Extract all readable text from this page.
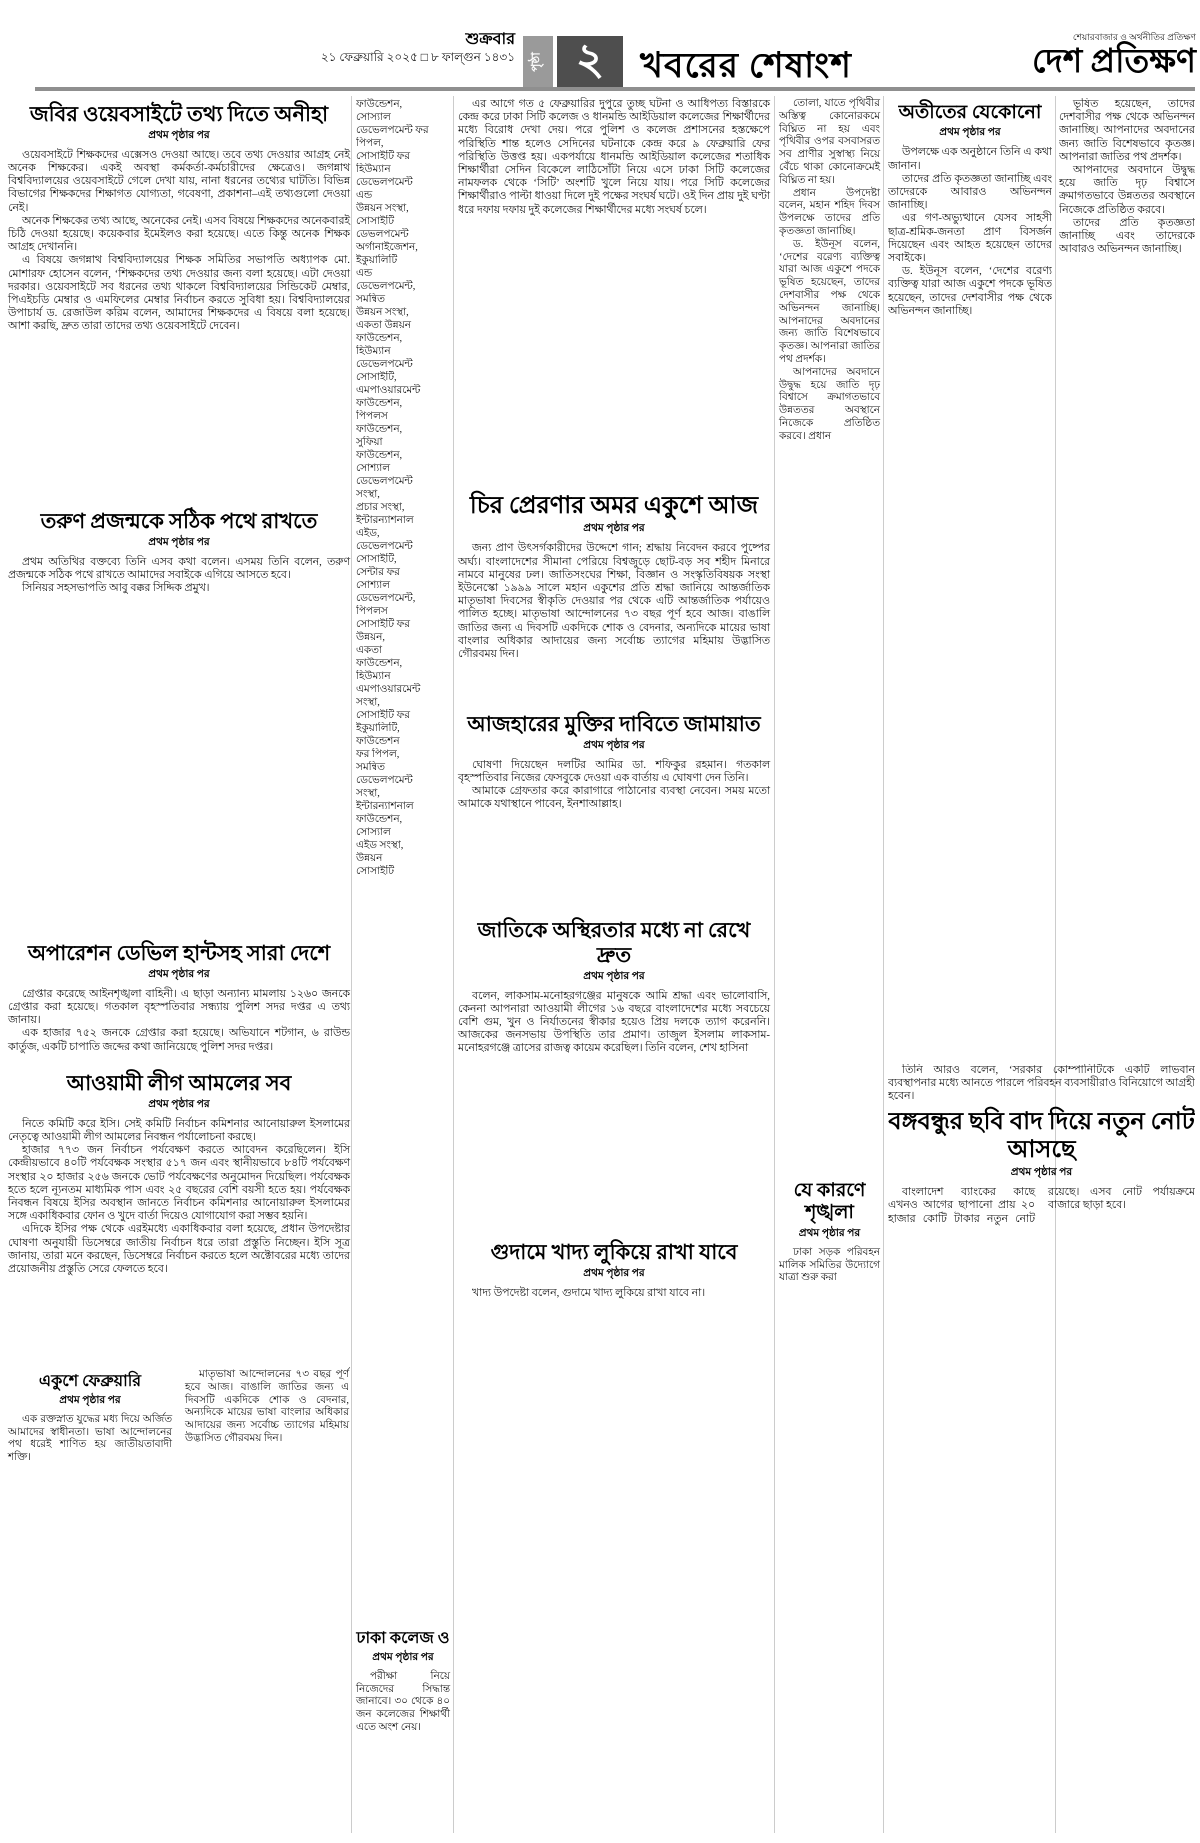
শুক্রবার
২১ ফেব্রুয়ারি ২০২৫ □ ৮ ফাল্গুন ১৪৩১ পৃষ্ঠা ২	খবরের শেষাংশ
শেয়ারবাজার ও অর্থনীতির প্রতিক্ষণ
দেশ প্রতিক্ষণ
জবির ওয়েবসাইটে তথ্য দিতে অনীহা
প্রথম পৃষ্ঠার পর
ওয়েবসাইটে শিক্ষকদের এক্সেসও দেওয়া আছে। তবে তথ্য দেওয়ার আগ্রহ নেই অনেক শিক্ষকের। একই অবস্থা কর্মকর্তা-কর্মচারীদের ক্ষেত্রেও। জগন্নাথ বিশ্ববিদ্যালয়ের ওয়েবসাইটে গেলে দেখা যায়, নানা ধরনের তথ্যের ঘাটতি। বিভিন্ন বিভাগের শিক্ষকদের শিক্ষাগত যোগ্যতা, গবেষণা, প্রকাশনা–এই তথ্যগুলো দেওয়া নেই।
অনেক শিক্ষকের তথ্য আছে, অনেকের নেই। এসব বিষয়ে শিক্ষকদের অনেকবারই চিঠি দেওয়া হয়েছে। কয়েকবার ইমেইলও করা হয়েছে। এতে কিন্তু অনেক শিক্ষক আগ্রহ দেখাননি।
এ বিষয়ে জগন্নাথ বিশ্ববিদ্যালয়ের শিক্ষক সমিতির সভাপতি অধ্যাপক মো. মোশারফ হোসেন বলেন, ‘শিক্ষকদের তথ্য দেওয়ার জন্য বলা হয়েছে। এটা দেওয়া দরকার। ওয়েবসাইটে সব ধরনের তথ্য থাকলে বিশ্ববিদ্যালয়ের সিন্ডিকেট মেম্বার, পিএইচডি মেম্বার ও এমফিলের মেম্বার নির্বাচন করতে সুবিধা হয়। বিশ্ববিদ্যালয়ের উপাচার্য ড. রেজাউল করিম বলেন, আমাদের শিক্ষকদের এ বিষয়ে বলা হয়েছে। আশা করছি, দ্রুত তারা তাদের তথ্য ওয়েবসাইটে দেবেন।
তরুণ প্রজন্মকে সঠিক পথে রাখতে
প্রথম পৃষ্ঠার পর
প্রথম অতিথির বক্তব্যে তিনি এসব কথা বলেন। এসময় তিনি বলেন, তরুণ প্রজন্মকে সঠিক পথে রাখতে আমাদের সবাইকে এগিয়ে আসতে হবে।
সিনিয়র সহসভাপতি আবু বক্কর সিদ্দিক প্রমুখ।
অপারেশন ডেভিল হান্টসহ সারা দেশে
প্রথম পৃষ্ঠার পর
গ্রেপ্তার করেছে আইনশৃঙ্খলা বাহিনী। এ ছাড়া অন্যান্য মামলায় ১২৬০ জনকে গ্রেপ্তার করা হয়েছে। গতকাল বৃহস্পতিবার সন্ধ্যায় পুলিশ সদর দপ্তর এ তথ্য জানায়।
এক হাজার ৭৫২ জনকে গ্রেপ্তার করা হয়েছে। অভিযানে শটগান, ৬ রাউন্ড কার্তুজ, একটি চাপাতি জব্দের কথা জানিয়েছে পুলিশ সদর দপ্তর।
আওয়ামী লীগ আমলের সব
প্রথম পৃষ্ঠার পর
নিতে কমিটি করে ইসি। সেই কমিটি নির্বাচন কমিশনার আনোয়ারুল ইসলামের নেতৃত্বে আওয়ামী লীগ আমলের নিবন্ধন পর্যালোচনা করছে।
হাজার ৭৭৩ জন নির্বাচন পর্যবেক্ষণ করতে আবেদন করেছিলেন। ইসি কেন্দ্রীয়ভাবে ৪০টি পর্যবেক্ষক সংস্থার ৫১৭ জন এবং স্থানীয়ভাবে ৮৪টি পর্যবেক্ষণ সংস্থার ২০ হাজার ২৫৬ জনকে ভোট পর্যবেক্ষণের অনুমোদন দিয়েছিল। পর্যবেক্ষক হতে হলে ন্যূনতম মাধ্যমিক পাস এবং ২৫ বছরের বেশি বয়সী হতে হয়। পর্যবেক্ষক নিবন্ধন বিষয়ে ইসির অবস্থান জানতে নির্বাচন কমিশনার আনোয়ারুল ইসলামের সঙ্গে একাধিকবার ফোন ও খুদে বার্তা দিয়েও যোগাযোগ করা সম্ভব হয়নি।
এদিকে ইসির পক্ষ থেকে এরইমধ্যে একাধিকবার বলা হয়েছে, প্রধান উপদেষ্টার ঘোষণা অনুযায়ী ডিসেম্বরে জাতীয় নির্বাচন ধরে তারা প্রস্তুতি নিচ্ছেন। ইসি সূত্র জানায়, তারা মনে করছেন, ডিসেম্বরে নির্বাচন করতে হলে অক্টোবরের মধ্যে তাদের প্রয়োজনীয় প্রস্তুতি সেরে ফেলতে হবে।
একুশে ফেব্রুয়ারি
প্রথম পৃষ্ঠার পর
এক রক্তস্নাত যুদ্ধের মধ্য দিয়ে অর্জিত আমাদের স্বাধীনতা। ভাষা আন্দোলনের পথ ধরেই শাণিত হয় জাতীয়তাবাদী শক্তি।
মাতৃভাষা আন্দোলনের ৭৩ বছর পূর্ণ হবে আজ। বাঙালি জাতির জন্য এ দিবসটি একদিকে শোক ও বেদনার, অন্যদিকে মায়ের ভাষা বাংলার অধিকার আদায়ের জন্য সর্বোচ্চ ত্যাগের মহিমায় উদ্ভাসিত গৌরবময় দিন।
ফাউন্ডেশন,
সোস্যাল
ডেভেলপমেন্ট ফর
পিপল,
সোসাইটি ফর
হিউম্যান
ডেভেলপমেন্ট
এন্ড
উন্নয়ন সংস্থা,
সোসাইটি
ডেভলপমেন্ট
অর্গানাইজেশন,
ইকুয়ালিটি
এন্ড
ডেভেলপমেন্ট,
সমন্বিত
উন্নয়ন সংস্থা,
একতা উন্নয়ন
ফাউন্ডেশন,
হিউম্যান
ডেভেলপমেন্ট
সোসাইটি,
এমপাওয়ারমেন্ট
ফাউন্ডেশন,
পিপলস
ফাউন্ডেশন,
সুফিয়া
ফাউন্ডেশন,
সোশ্যাল
ডেভেলপমেন্ট
সংস্থা,
প্রচার সংস্থা,
ইন্টারন্যাশনাল
এইড,
ডেভেলপমেন্ট
সোসাইটি,
সেন্টার ফর
সোশ্যাল
ডেভেলপমেন্ট,
পিপলস
সোসাইটি ফর
উন্নয়ন,
একতা
ফাউন্ডেশন,
হিউম্যান
এমপাওয়ারমেন্ট
সংস্থা,
সোসাইটি ফর
ইকুয়ালিটি,
ফাউন্ডেশন
ফর পিপল,
সমন্বিত
ডেভেলপমেন্ট
সংস্থা,
ইন্টারন্যাশনাল
ফাউন্ডেশন,
সোস্যাল
এইড সংস্থা,
উন্নয়ন
সোসাইটি
ঢাকা কলেজ ও
প্রথম পৃষ্ঠার পর
পরীক্ষা নিয়ে নিজেদের সিদ্ধান্ত জানাবে। ৩০ থেকে ৪০ জন কলেজের শিক্ষার্থী এতে অংশ নেয়।
এর আগে গত ৫ ফেব্রুয়ারির দুপুরে তুচ্ছ ঘটনা ও আধিপত্য বিস্তারকে কেন্দ্র করে ঢাকা সিটি কলেজ ও ধানমন্ডি আইডিয়াল কলেজের শিক্ষার্থীদের মধ্যে বিরোধ দেখা দেয়। পরে পুলিশ ও কলেজ প্রশাসনের হস্তক্ষেপে পরিস্থিতি শান্ত হলেও সেদিনের ঘটনাকে কেন্দ্র করে ৯ ফেব্রুয়ারি ফের পরিস্থিতি উত্তপ্ত হয়। একপর্যায়ে ধানমন্ডি আইডিয়াল কলেজের শতাধিক শিক্ষার্থীরা সেদিন বিকেলে লাঠিসোঁটা নিয়ে এসে ঢাকা সিটি কলেজের নামফলক থেকে ‘সিটি’ অংশটি খুলে নিয়ে যায়। পরে সিটি কলেজের শিক্ষার্থীরাও পাল্টা ধাওয়া দিলে দুই পক্ষের সংঘর্ষ ঘটে। ওই দিন প্রায় দুই ঘণ্টা ধরে দফায় দফায় দুই কলেজের শিক্ষার্থীদের মধ্যে সংঘর্ষ চলে।
চির প্রেরণার অমর একুশে আজ
প্রথম পৃষ্ঠার পর
জন্য প্রাণ উৎসর্গকারীদের উদ্দেশে গান; শ্রদ্ধায় নিবেদন করবে পুষ্পের অর্ঘ্য। বাংলাদেশের সীমানা পেরিয়ে বিশ্বজুড়ে ছোট-বড় সব শহীদ মিনারে নামবে মানুষের ঢল। জাতিসংঘের শিক্ষা, বিজ্ঞান ও সংস্কৃতিবিষয়ক সংস্থা ইউনেস্কো ১৯৯৯ সালে মহান একুশের প্রতি শ্রদ্ধা জানিয়ে আন্তর্জাতিক মাতৃভাষা দিবসের স্বীকৃতি দেওয়ার পর থেকে এটি আন্তর্জাতিক পর্যায়েও পালিত হচ্ছে। মাতৃভাষা আন্দোলনের ৭৩ বছর পূর্ণ হবে আজ। বাঙালি জাতির জন্য এ দিবসটি একদিকে শোক ও বেদনার, অন্যদিকে মায়ের ভাষা বাংলার অধিকার আদায়ের জন্য সর্বোচ্চ ত্যাগের মহিমায় উদ্ভাসিত গৌরবময় দিন।
আজহারের মুক্তির দাবিতে জামায়াত
প্রথম পৃষ্ঠার পর
ঘোষণা দিয়েছেন দলটির আমির ডা. শফিকুর রহমান। গতকাল বৃহস্পতিবার নিজের ফেসবুকে দেওয়া এক বার্তায় এ ঘোষণা দেন তিনি।
আমাকে গ্রেফতার করে কারাগারে পাঠানোর ব্যবস্থা নেবেন। সময় মতো আমাকে যথাস্থানে পাবেন, ইনশাআল্লাহ।
জাতিকে অস্থিরতার মধ্যে না রেখে দ্রুত
প্রথম পৃষ্ঠার পর
বলেন, লাকসাম-মনোহরগঞ্জের মানুষকে আমি শ্রদ্ধা এবং ভালোবাসি, কেননা আপনারা আওয়ামী লীগের ১৬ বছরে বাংলাদেশের মধ্যে সবচেয়ে বেশি গুম, খুন ও নির্যাতনের স্বীকার হয়েও প্রিয় দলকে ত্যাগ করেননি। আজকের জনসভায় উপস্থিতি তার প্রমাণ। তাজুল ইসলাম লাকসাম-মনোহরগঞ্জে ত্রাসের রাজত্ব কায়েম করেছিল। তিনি বলেন, শেখ হাসিনা
গুদামে খাদ্য লুকিয়ে রাখা যাবে
প্রথম পৃষ্ঠার পর
খাদ্য উপদেষ্টা বলেন, গুদামে খাদ্য লুকিয়ে রাখা যাবে না।
তোলা, যাতে পৃথিবীর অস্তিত্ব কোনোরকমে বিঘ্নিত না হয় এবং পৃথিবীর ওপর বসবাসরত সব প্রাণীর সুস্বাস্থ্য নিয়ে বেঁচে থাকা কোনোক্রমেই বিঘ্নিত না হয়।
প্রধান উপদেষ্টা বলেন, মহান শহিদ দিবস উপলক্ষে তাদের প্রতি কৃতজ্ঞতা জানাচ্ছি।
ড. ইউনূস বলেন, ‘দেশের বরেণ্য ব্যক্তিত্ব যারা আজ একুশে পদকে ভূষিত হয়েছেন, তাদের দেশবাসীর পক্ষ থেকে অভিনন্দন জানাচ্ছি। আপনাদের অবদানের জন্য জাতি বিশেষভাবে কৃতজ্ঞ। আপনারা জাতির পথ প্রদর্শক।
আপনাদের অবদানে উদ্বুদ্ধ হয়ে জাতি দৃঢ় বিশ্বাসে ক্রমাগতভাবে উন্নততর অবস্থানে নিজেকে প্রতিষ্ঠিত করবে। প্রধান
যে কারণে শৃঙ্খলা
প্রথম পৃষ্ঠার পর
ঢাকা সড়ক পরিবহন মালিক সমিতির উদ্যোগে যাত্রা শুরু করা
অতীতের যেকোনো
প্রথম পৃষ্ঠার পর
উপলক্ষে এক অনুষ্ঠানে তিনি এ কথা জানান।
তাদের প্রতি কৃতজ্ঞতা জানাচ্ছি এবং তাদেরকে আবারও অভিনন্দন জানাচ্ছি।
এর গণ-অভ্যুত্থানে যেসব সাহসী ছাত্র-শ্রমিক-জনতা প্রাণ বিসর্জন দিয়েছেন এবং আহত হয়েছেন তাদের সবাইকে।
ড. ইউনূস বলেন, ‘দেশের বরেণ্য ব্যক্তিত্ব যারা আজ একুশে পদকে ভূষিত হয়েছেন, তাদের দেশবাসীর পক্ষ থেকে অভিনন্দন জানাচ্ছি।
ভূষিত হয়েছেন, তাদের দেশবাসীর পক্ষ থেকে অভিনন্দন জানাচ্ছি। আপনাদের অবদানের জন্য জাতি বিশেষভাবে কৃতজ্ঞ। আপনারা জাতির পথ প্রদর্শক।
আপনাদের অবদানে উদ্বুদ্ধ হয়ে জাতি দৃঢ় বিশ্বাসে ক্রমাগতভাবে উন্নততর অবস্থানে নিজেকে প্রতিষ্ঠিত করবে।
তাদের প্রতি কৃতজ্ঞতা জানাচ্ছি এবং তাদেরকে আবারও অভিনন্দন জানাচ্ছি।
তিনি আরও বলেন, ‘সরকার কোম্পানিটিকে একটি লাভবান ব্যবস্থাপনার মধ্যে আনতে পারলে পরিবহন ব্যবসায়ীরাও বিনিয়োগে আগ্রহী হবেন।
বঙ্গবন্ধুর ছবি বাদ দিয়ে নতুন নোট আসছে
প্রথম পৃষ্ঠার পর
বাংলাদেশ ব্যাংকের কাছে এখনও আগের ছাপানো প্রায় ২০ হাজার কোটি টাকার নতুন নোট রয়েছে। এসব নোট পর্যায়ক্রমে বাজারে ছাড়া হবে।
